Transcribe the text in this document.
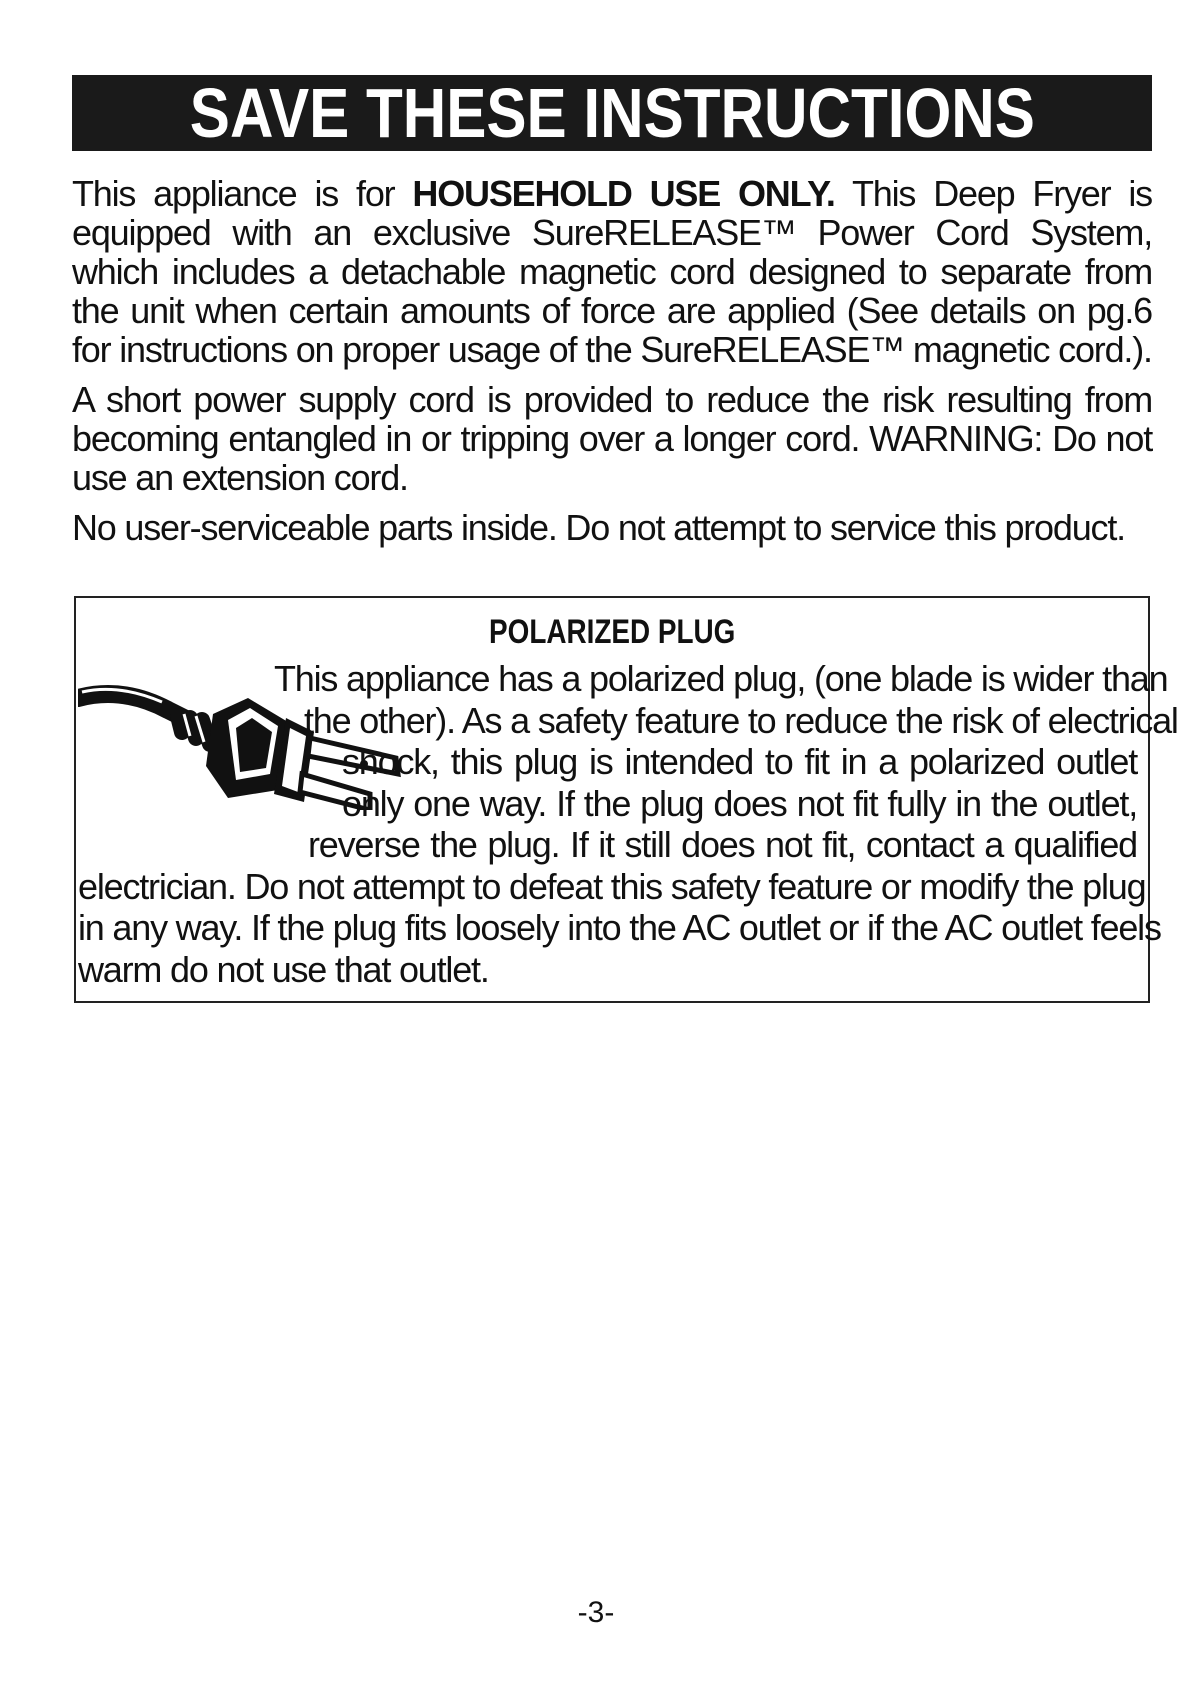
SAVE THESE INSTRUCTIONS

This appliance is for HOUSEHOLD USE ONLY. This Deep Fryer is equipped with an exclusive SureRELEASE™ Power Cord System, which includes a detachable magnetic cord designed to separate from the unit when certain amounts of force are applied (See details on pg.6 for instructions on proper usage of the SureRELEASE™ magnetic cord.).

A short power supply cord is provided to reduce the risk resulting from becoming entangled in or tripping over a longer cord. WARNING: Do not use an extension cord.

No user-serviceable parts inside. Do not attempt to service this product.

POLARIZED PLUG
This appliance has a polarized plug, (one blade is wider than
the other). As a safety feature to reduce the risk of electrical
shock, this plug is intended to fit in a polarized outlet
only one way. If the plug does not fit fully in the outlet,
reverse the plug. If it still does not fit, contact a qualified
electrician. Do not attempt to defeat this safety feature or modify the plug
in any way. If the plug fits loosely into the AC outlet or if the AC outlet feels
warm do not use that outlet.
-3-
